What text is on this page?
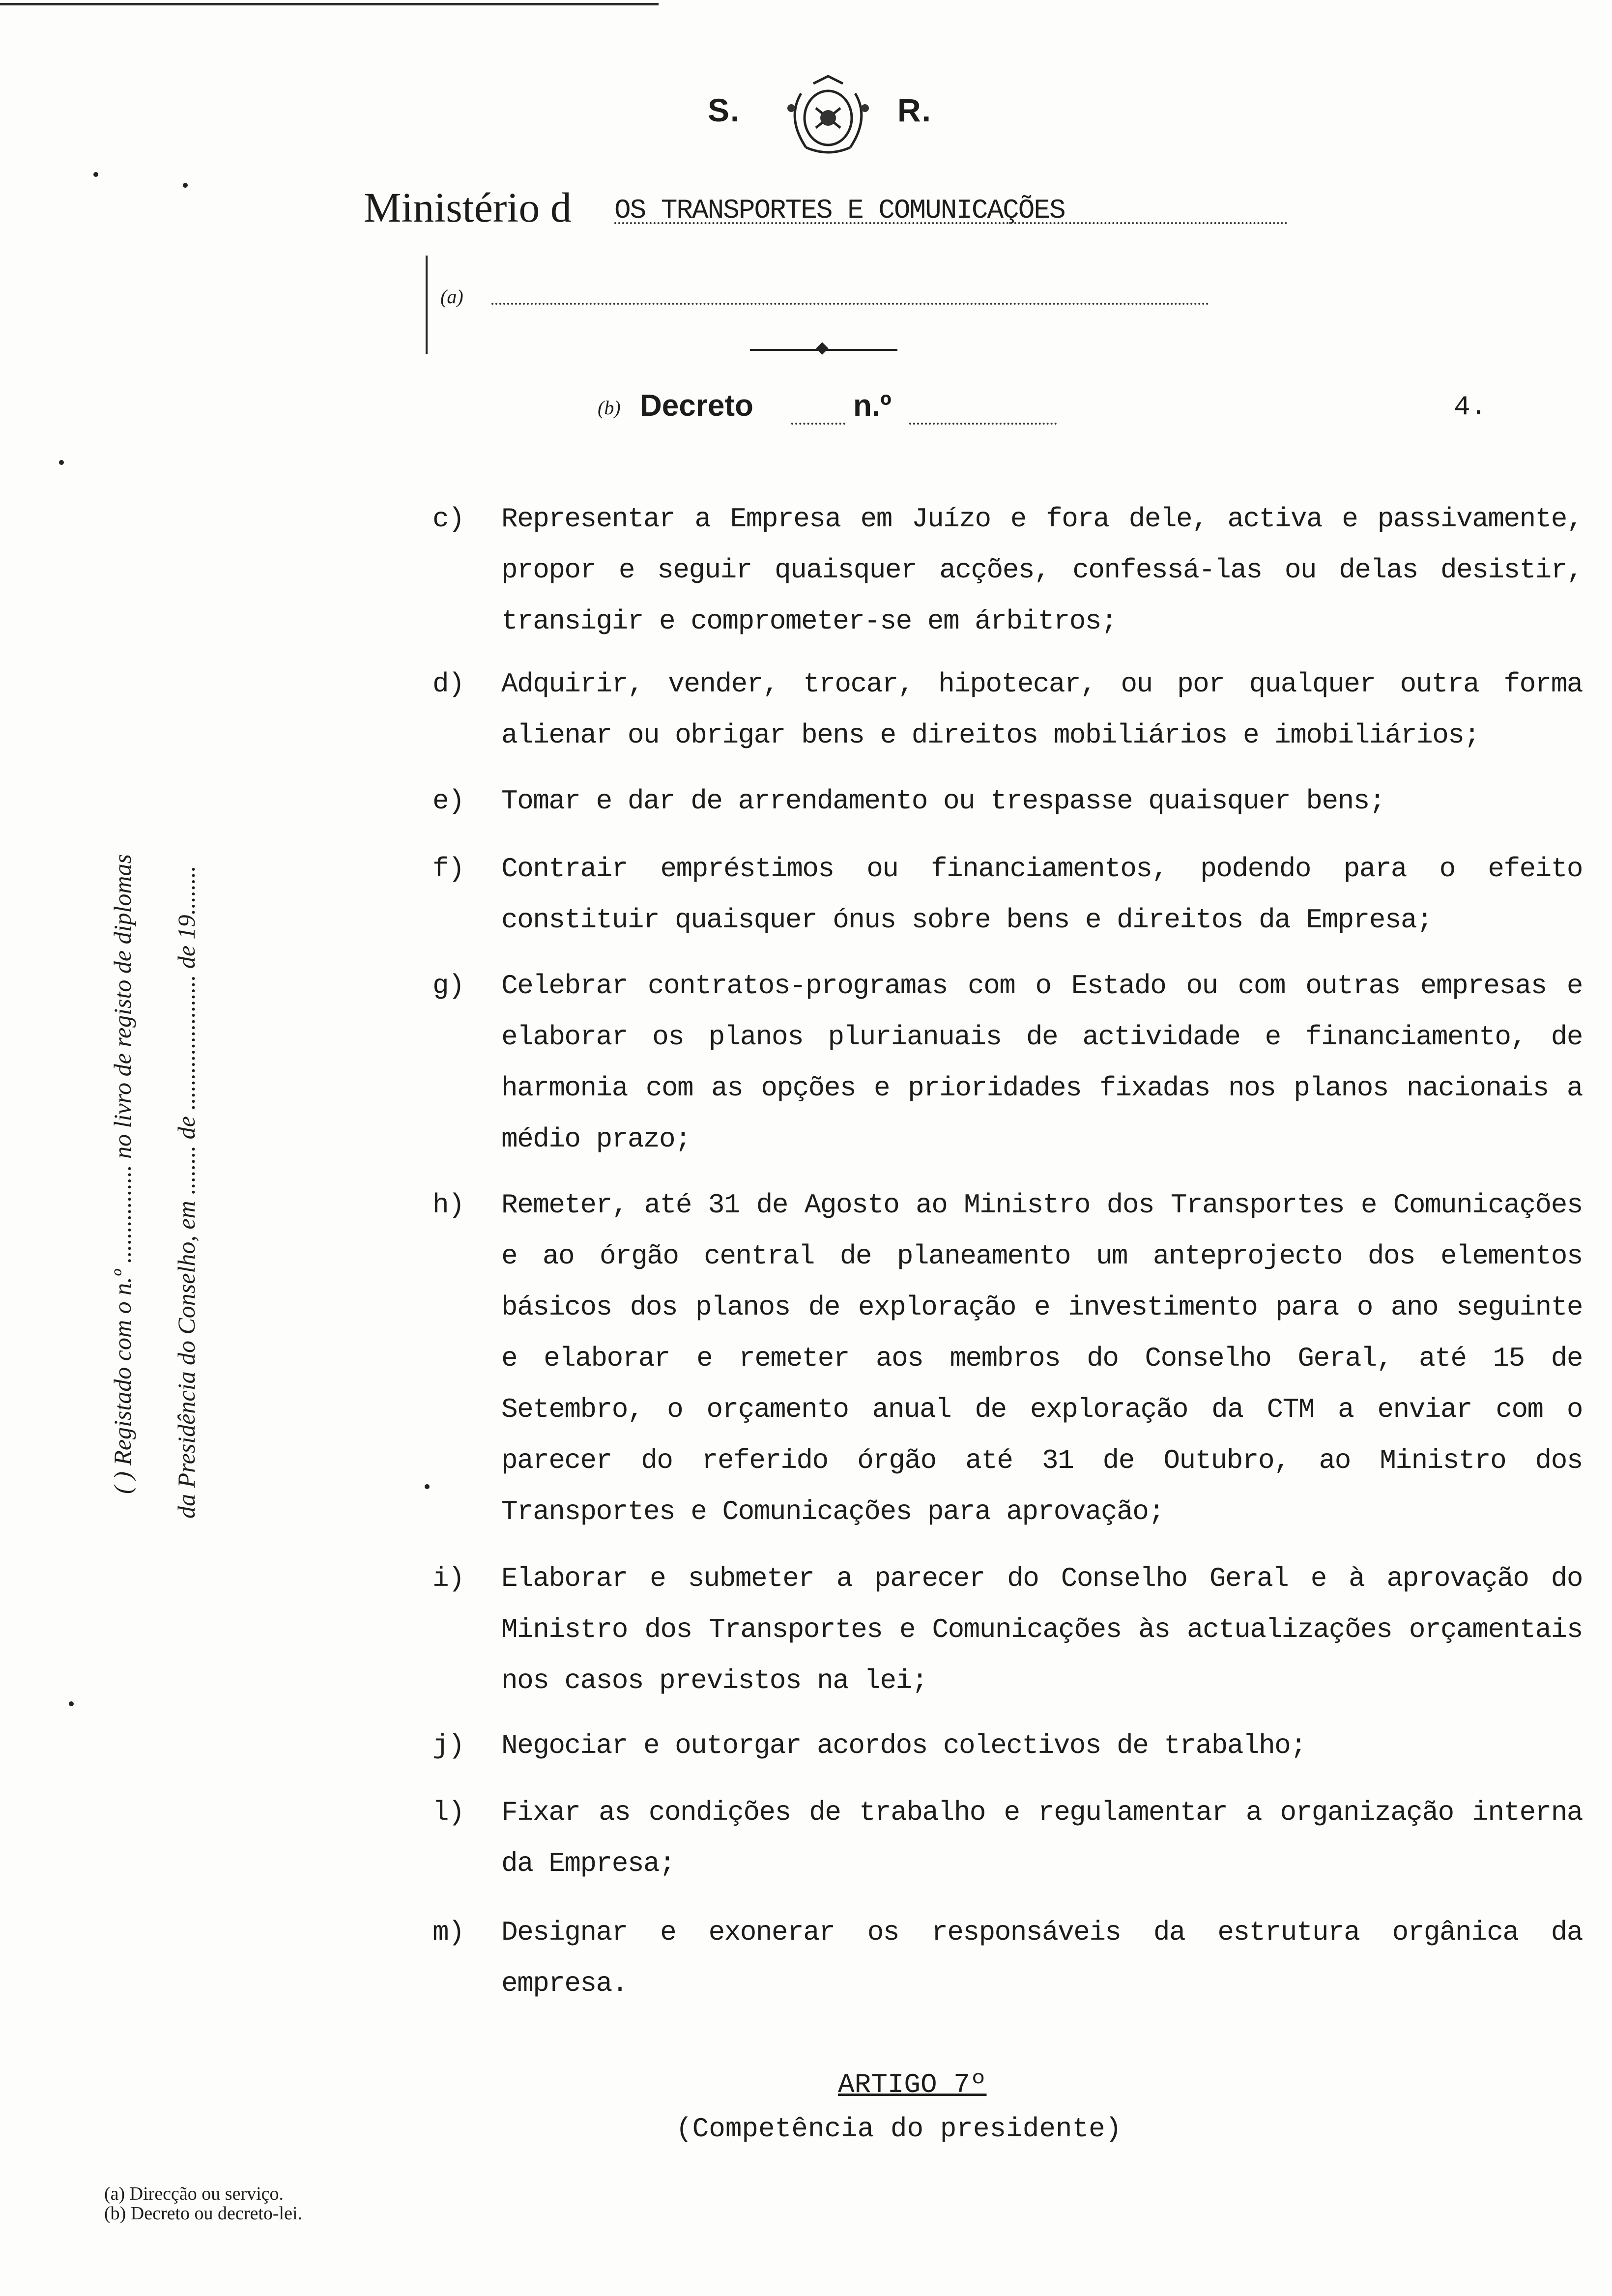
S.	R.
Ministério d OS TRANSPORTES E COMUNICAÇÕES
(a)
(b) Decreto	n.º	4.
c) Representar a Empresa em Juízo e fora dele, activa e passivamente, propor e seguir quaisquer acções, confessá-las ou delas desistir, transigir e comprometer-se em árbitros;
d) Adquirir, vender, trocar, hipotecar, ou por qualquer outra forma alienar ou obrigar bens e direitos mobiliários e imobiliários;
e) Tomar e dar de arrendamento ou trespasse quaisquer bens;
f) Contrair empréstimos ou financiamentos, podendo para o efeito constituir quaisquer ónus sobre bens e direitos da Empresa;
g) Celebrar contratos-programas com o Estado ou com outras empresas e elaborar os planos plurianuais de actividade e financiamento, de harmonia com as opções e prioridades fixadas nos planos nacionais a médio prazo;
h) Remeter, até 31 de Agosto ao Ministro dos Transportes e Comunicações e ao órgão central de planeamento um anteprojecto dos elementos básicos dos planos de exploração e investimento para o ano seguinte e elaborar e remeter aos membros do Conselho Geral, até 15 de Setembro, o orçamento anual de exploração da CTM a enviar com o parecer do referido órgão até 31 de Outubro, ao Ministro dos Transportes e Comunicações para aprovação;
i) Elaborar e submeter a parecer do Conselho Geral e à aprovação do Ministro dos Transportes e Comunicações às actualizações orçamentais nos casos previstos na lei;
j) Negociar e outorgar acordos colectivos de trabalho;
l) Fixar as condições de trabalho e regulamentar a organização interna da Empresa;
m) Designar e exonerar os responsáveis da estrutura orgânica da empresa.
ARTIGO 7º
(Competência do presidente)
( ) Registado com o n.º ................ no livro de registo de diplomas da Presidência do Conselho, em ........ de ...................... de 19........
(a) Direcção ou serviço.
(b) Decreto ou decreto-lei.
